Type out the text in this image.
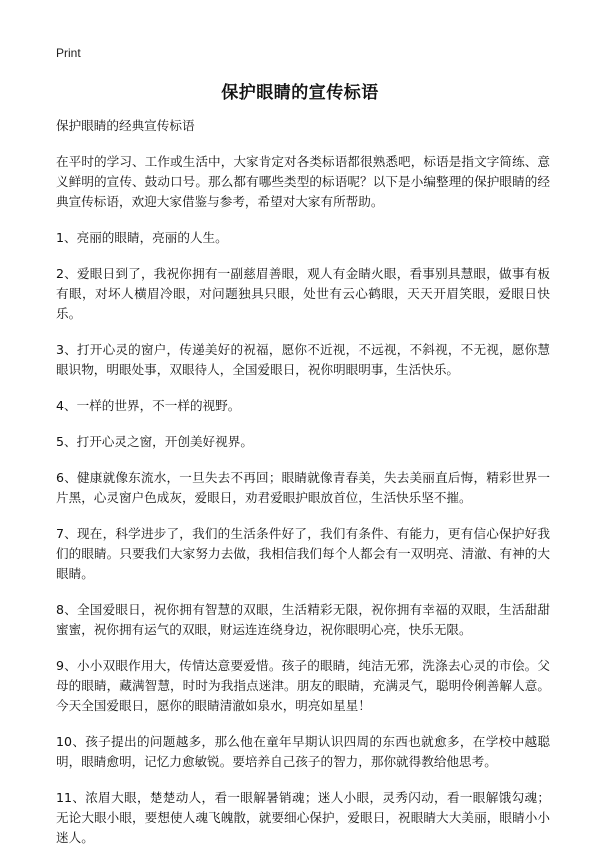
Print
保护眼睛的宣传标语

保护眼睛的经典宣传标语

在平时的学习、工作或生活中，大家肯定对各类标语都很熟悉吧，标语是指文字简练、意义鲜明的宣传、鼓动口号。那么都有哪些类型的标语呢？以下是小编整理的保护眼睛的经典宣传标语，欢迎大家借鉴与参考，希望对大家有所帮助。

1、亮丽的眼睛，亮丽的人生。

2、爱眼日到了，我祝你拥有一副慈眉善眼，观人有金睛火眼，看事别具慧眼，做事有板有眼，对坏人横眉冷眼，对问题独具只眼，处世有云心鹤眼，天天开眉笑眼，爱眼日快乐。

3、打开心灵的窗户，传递美好的祝福，愿你不近视，不远视，不斜视，不无视，愿你慧眼识物，明眼处事，双眼待人，全国爱眼日，祝你明眼明事，生活快乐。

4、一样的世界，不一样的视野。

5、打开心灵之窗，开创美好视界。

6、健康就像东流水，一旦失去不再回；眼睛就像青春美，失去美丽直后悔，精彩世界一片黑，心灵窗户色成灰，爱眼日，劝君爱眼护眼放首位，生活快乐坚不摧。

7、现在，科学进步了，我们的生活条件好了，我们有条件、有能力，更有信心保护好我们的眼睛。只要我们大家努力去做，我相信我们每个人都会有一双明亮、清澈、有神的大眼睛。

8、全国爱眼日，祝你拥有智慧的双眼，生活精彩无限，祝你拥有幸福的双眼，生活甜甜蜜蜜，祝你拥有运气的双眼，财运连连绕身边，祝你眼明心亮，快乐无限。

9、小小双眼作用大，传情达意要爱惜。孩子的眼睛，纯洁无邪，洗涤去心灵的市侩。父母的眼睛，藏满智慧，时时为我指点迷津。朋友的眼睛，充满灵气，聪明伶俐善解人意。今天全国爱眼日，愿你的眼睛清澈如泉水，明亮如星星！

10、孩子提出的问题越多，那么他在童年早期认识四周的东西也就愈多，在学校中越聪明，眼睛愈明，记忆力愈敏锐。要培养自己孩子的智力，那你就得教给他思考。

11、浓眉大眼，楚楚动人，看一眼解暑销魂；迷人小眼，灵秀闪动，看一眼解饿勾魂；无论大眼小眼，要想使人魂飞魄散，就要细心保护，爱眼日，祝眼睛大大美丽，眼睛小小迷人。
